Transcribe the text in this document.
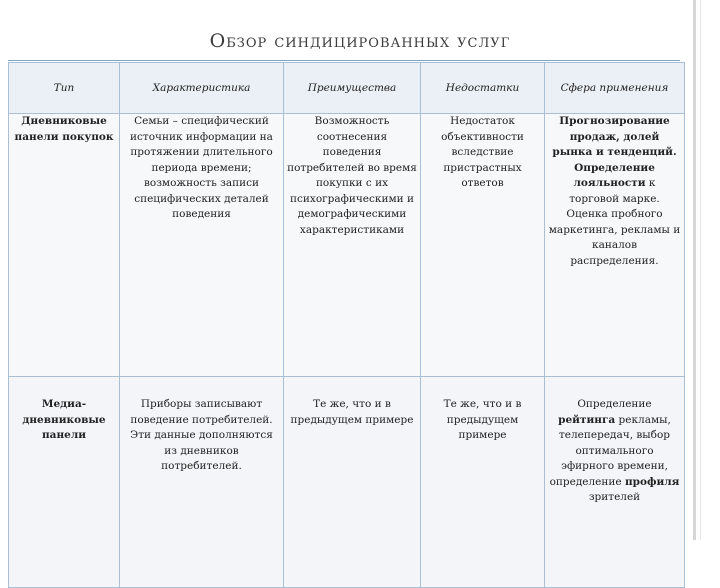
Обзор синдицированных услуг
Тип	Характеристика	Преимущества	Недостатки	Сфера применения
Дневниковые панели покупок	Семьи – специфический источник информации на протяжении длительного периода времени; возможность записи специфических деталей поведения	Возможность соотнесения поведения потребителей во время покупки с их психографическими и демографическими характеристиками	Недостаток объективности вследствие пристрастных ответов	Прогнозирование продаж, долей рынка и тенденций. Определение лояльности к торговой марке. Оценка пробного маркетинга, рекламы и каналов распределения.
Медиа-дневниковые панели	Приборы записывают поведение потребителей. Эти данные дополняются из дневников потребителей.	Те же, что и в предыдущем примере	Те же, что и в предыдущем примере	Определение рейтинга рекламы, телепередач, выбор оптимального эфирного времени, определение профиля зрителей
